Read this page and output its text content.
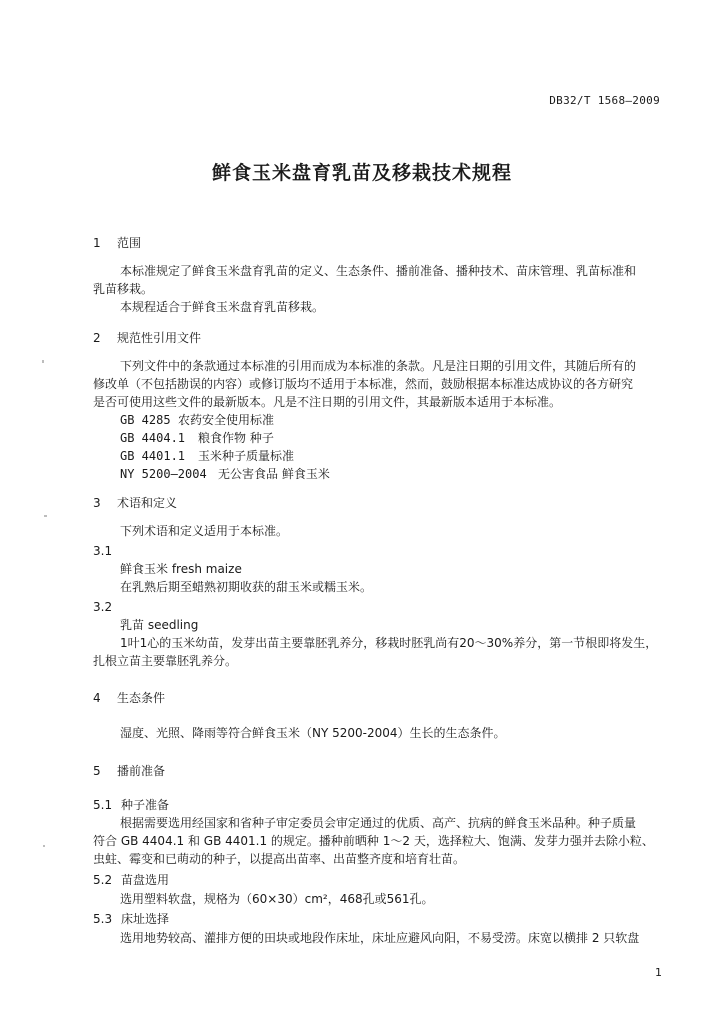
DB32/T 1568—2009
鲜食玉米盘育乳苗及移栽技术规程
1 范围
本标准规定了鲜食玉米盘育乳苗的定义、生态条件、播前准备、播种技术、苗床管理、乳苗标准和
乳苗移栽。
本规程适合于鲜食玉米盘育乳苗移栽。
2 规范性引用文件
下列文件中的条款通过本标准的引用而成为本标准的条款。凡是注日期的引用文件，其随后所有的
修改单（不包括勘误的内容）或修订版均不适用于本标准，然而，鼓励根据本标准达成协议的各方研究
是否可使用这些文件的最新版本。凡是不注日期的引用文件，其最新版本适用于本标准。
GB 4285 农药安全使用标准
GB 4404.1 粮食作物 种子
GB 4401.1 玉米种子质量标准
NY 5200—2004 无公害食品 鲜食玉米
3 术语和定义
下列术语和定义适用于本标准。
3.1
鲜食玉米 fresh maize
在乳熟后期至蜡熟初期收获的甜玉米或糯玉米。
3.2
乳苗 seedling
1叶1心的玉米幼苗，发芽出苗主要靠胚乳养分，移栽时胚乳尚有20～30%养分，第一节根即将发生，
扎根立苗主要靠胚乳养分。
4 生态条件
湿度、光照、降雨等符合鲜食玉米（NY 5200-2004）生长的生态条件。
5 播前准备
5.1 种子准备
根据需要选用经国家和省种子审定委员会审定通过的优质、高产、抗病的鲜食玉米品种。种子质量
符合 GB 4404.1 和 GB 4401.1 的规定。播种前晒种 1～2 天，选择粒大、饱满、发芽力强并去除小粒、
虫蛀、霉变和已萌动的种子，以提高出苗率、出苗整齐度和培育壮苗。
5.2 苗盘选用
选用塑料软盘，规格为（60×30）cm²，468孔或561孔。
5.3 床址选择
选用地势较高、灌排方便的田块或地段作床址，床址应避风向阳，不易受涝。床宽以横排 2 只软盘
1
